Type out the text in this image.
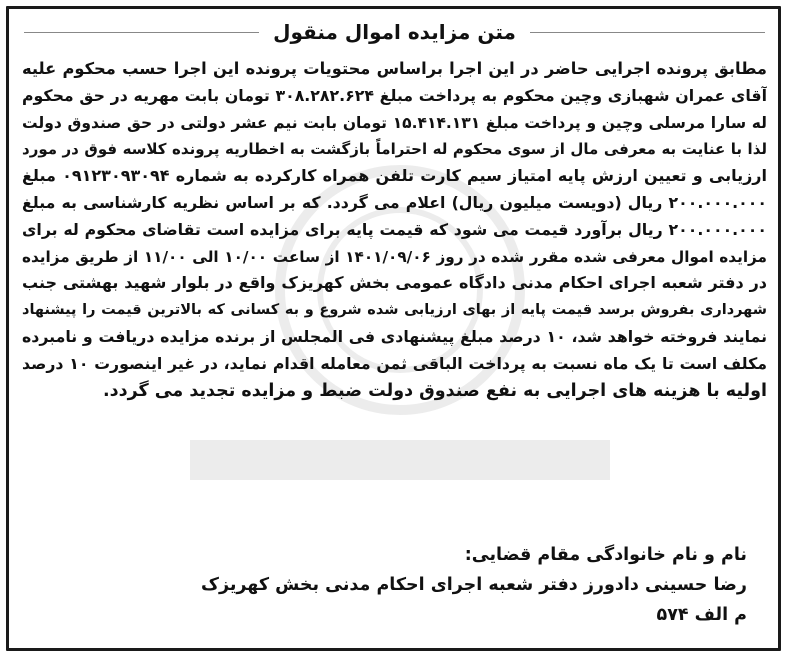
متن مزایده اموال منقول
مطابق پرونده اجرایی حاضر در این اجرا براساس محتویات پرونده این اجرا حسب محکوم علیه
آقای عمران شهبازی وچین محکوم به پرداخت مبلغ ۳۰۸.۲۸۲.۶۲۴ تومان بابت مهریه در حق محکوم
له سارا مرسلی وچین و پرداخت مبلغ ۱۵.۴۱۴.۱۳۱ تومان بابت نیم عشر دولتی در حق صندوق دولت
لذا با عنایت به معرفی مال از سوی محکوم له احتراماً بازگشت به اخطاریه پرونده کلاسه فوق در مورد
ارزیابی و تعیین ارزش پایه امتیاز سیم کارت تلفن همراه کارکرده به شماره ۰۹۱۲۳۰۹۳۰۹۴ مبلغ
۲۰۰.۰۰۰.۰۰۰ ریال (دویست میلیون ریال) اعلام می گردد. که بر اساس نظریه کارشناسی به مبلغ
۲۰۰.۰۰۰.۰۰۰ ریال برآورد قیمت می شود که قیمت پایه برای مزایده است تقاضای محکوم له برای
مزایده اموال معرفی شده مقرر شده در روز ۱۴۰۱/۰۹/۰۶ از ساعت ۱۰/۰۰ الی ۱۱/۰۰ از طریق مزایده
در دفتر شعبه اجرای احکام مدنی دادگاه عمومی بخش کهریزک واقع در بلوار شهید بهشتی جنب
شهرداری بفروش برسد قیمت پایه از بهای ارزیابی شده شروع و به کسانی که بالاترین قیمت را پیشنهاد
نمایند فروخته خواهد شد، ۱۰ درصد مبلغ پیشنهادی فی المجلس از برنده مزایده دریافت و نامبرده
مکلف است تا یک ماه نسبت به پرداخت الباقی ثمن معامله اقدام نماید، در غیر اینصورت ۱۰ درصد
اولیه با هزینه های اجرایی به نفع صندوق دولت ضبط و مزایده تجدید می گردد.
نام و نام خانوادگی مقام قضایی:
رضا حسینی دادورز دفتر شعبه اجرای احکام مدنی بخش کهریزک
م الف ۵۷۴
